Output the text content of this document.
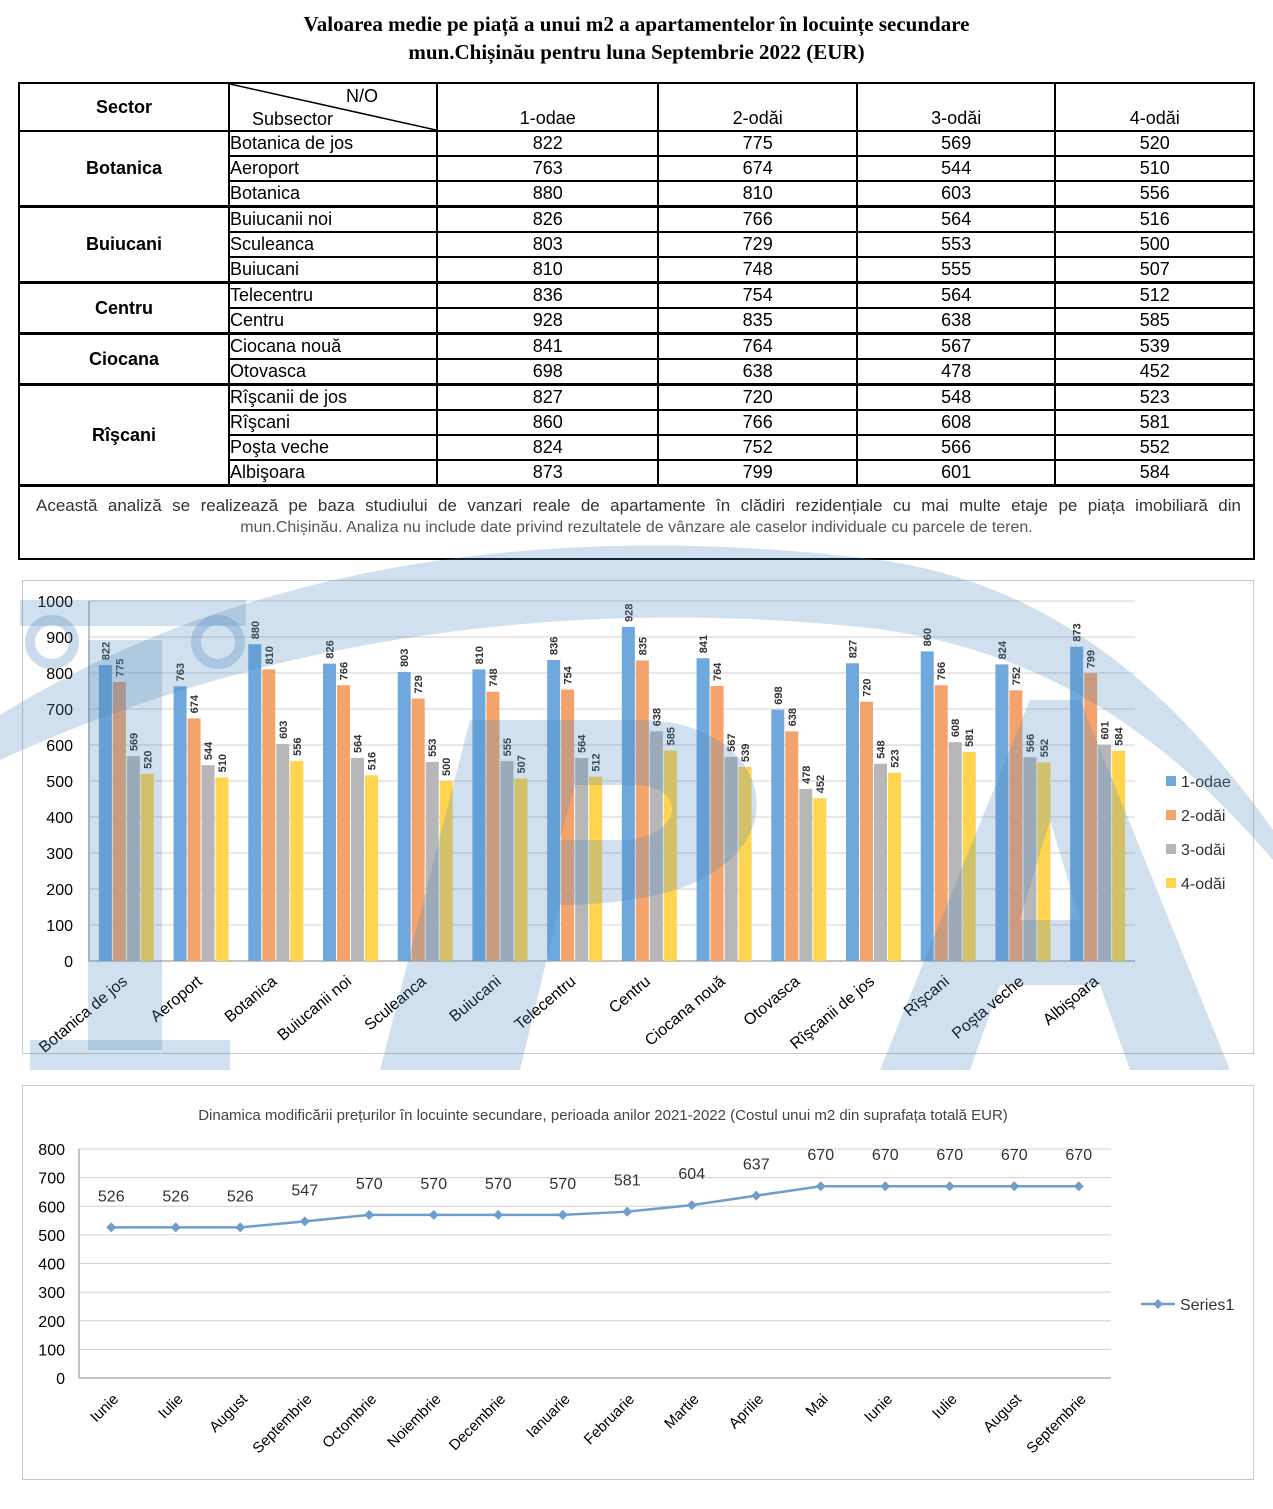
Valoarea medie pe piață a unui m2 a apartamentelor în locuințe secundare
mun.Chișinău pentru luna Septembrie 2022 (EUR)
Sector	N/O
Subsector	1-odae	2-odăi	3-odăi	4-odăi
Botanica	Botanica de jos	822	775	569	520
	Aeroport	763	674	544	510
	Botanica	880	810	603	556
Buiucani	Buiucanii noi	826	766	564	516
	Sculeanca	803	729	553	500
	Buiucani	810	748	555	507
Centru	Telecentru	836	754	564	512
	Centru	928	835	638	585
Ciocana	Ciocana nouă	841	764	567	539
	Otovasca	698	638	478	452
Rîşcani	Rîşcanii de jos	827	720	548	523
	Rîşcani	860	766	608	581
	Poşta veche	824	752	566	552
	Albişoara	873	799	601	584
Această analiză se realizează pe baza studiului de vanzari reale de apartamente în clădiri rezidențiale cu mai multe etaje pe piața imobiliară din
mun.Chișinău. Analiza nu include date privind rezultatele de vânzare ale caselor individuale cu parcele de teren.
0
100
200
300
400
500
600
700
800
900
1000
822
775
569
520
Botanica de jos
763
674
544
510
Aeroport
880
810
603
556
Botanica
826
766
564
516
Buiucanii noi
803
729
553
500
Sculeanca
810
748
555
507
Buiucani
836
754
564
512
Telecentru
928
835
638
585
Centru
841
764
567
539
Ciocana nouă
698
638
478
452
Otovasca
827
720
548 523
Rîşcanii de jos
860
766
608
581
Rîşcani
824
752
566 552
Poşta veche
873
799
601 584
Albişoara
1-odae
2-odăi
3-odăi
4-odăi
Dinamica modificării prețurilor în locuinte secundare, perioada anilor 2021-2022 (Costul unui m2 din suprafața totală EUR)
0
100
200
300
400
500
600
700
800
526
Iunie
526
Iulie
526
August
547
Septembrie
570
Octombrie
570
Noiembrie
570
Decembrie
570
Ianuarie
581
Februarie
604
Martie
637
Aprilie
670
Mai
670
Iunie
670
Iulie
670
August
670
Septembrie
Series1
